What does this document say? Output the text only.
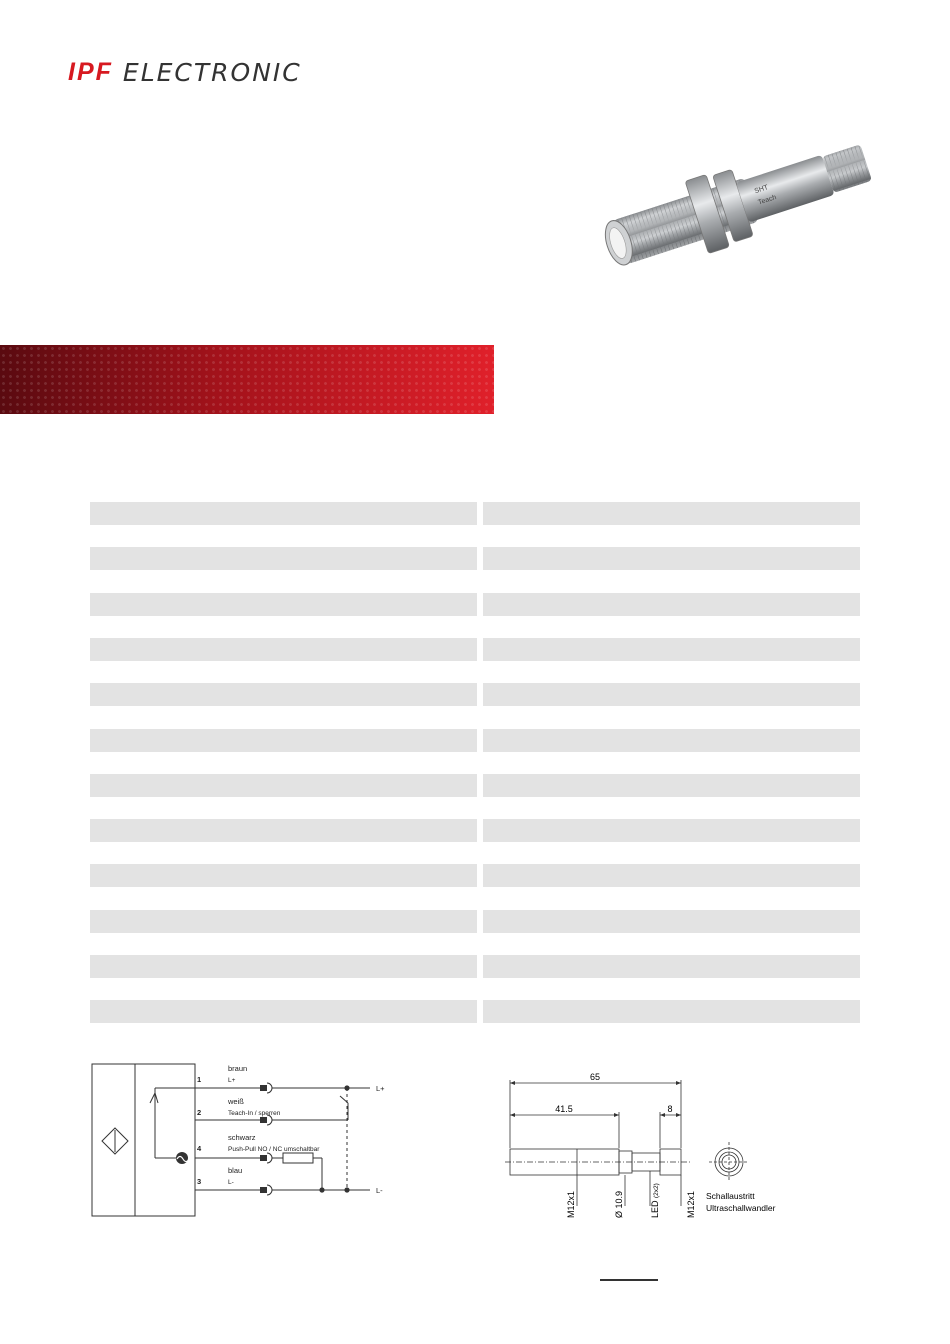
IPF ELECTRONIC
SHT
Teach
1
braun
L+
2
weiß
Teach-In / sperren
4
schwarz
Push-Pull NO / NC umschaltbar
3
blau
L-
L+
L-
65
41.5	8
M12x1	Ø 10.9	LED
(2x2)
M12x1 Schallaustritt
Ultraschallwandler
